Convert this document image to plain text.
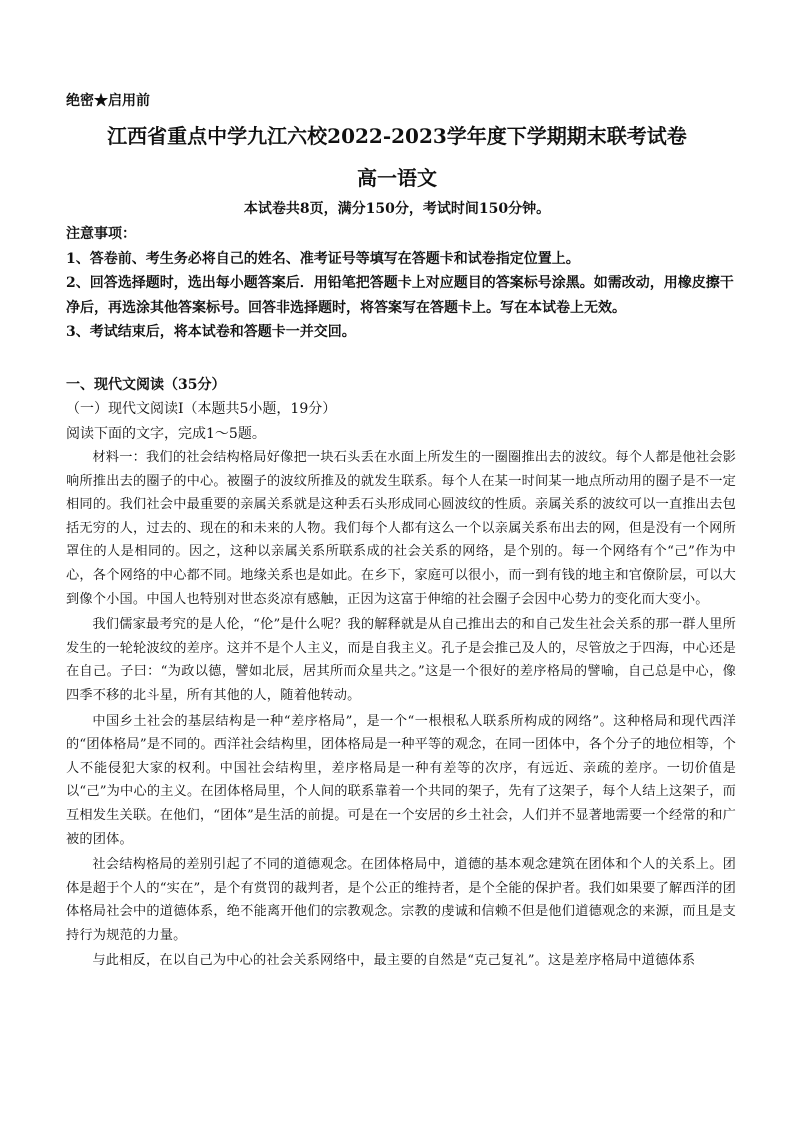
绝密★启用前
江西省重点中学九江六校2022-2023学年度下学期期末联考试卷
高一语文
本试卷共8页，满分150分，考试时间150分钟。

注意事项：

1、答卷前、考生务必将自己的姓名、准考证号等填写在答题卡和试卷指定位置上。

2、回答选择题时，选出每小题答案后．用铅笔把答题卡上对应题目的答案标号涂黑。如需改动，用橡皮擦干净后，再选涂其他答案标号。回答非选择题时，将答案写在答题卡上。写在本试卷上无效。

3、考试结束后，将本试卷和答题卡一并交回。

一、现代文阅读（35分）
（一）现代文阅读Ⅰ（本题共5小题，19分）
阅读下面的文字，完成1～5题。

材料一：我们的社会结构格局好像把一块石头丢在水面上所发生的一圈圈推出去的波纹。每个人都是他社会影响所推出去的圈子的中心。被圈子的波纹所推及的就发生联系。每个人在某一时间某一地点所动用的圈子是不一定相同的。我们社会中最重要的亲属关系就是这种丢石头形成同心圆波纹的性质。亲属关系的波纹可以一直推出去包括无穷的人，过去的、现在的和未来的人物。我们每个人都有这么一个以亲属关系布出去的网，但是没有一个网所罩住的人是相同的。因之，这种以亲属关系所联系成的社会关系的网络，是个别的。每一个网络有个“己”作为中心，各个网络的中心都不同。地缘关系也是如此。在乡下，家庭可以很小，而一到有钱的地主和官僚阶层，可以大到像个小国。中国人也特别对世态炎凉有感触，正因为这富于伸缩的社会圈子会因中心势力的变化而大变小。

我们儒家最考究的是人伦，“伦”是什么呢？我的解释就是从自己推出去的和自己发生社会关系的那一群人里所发生的一轮轮波纹的差序。这并不是个人主义，而是自我主义。孔子是会推己及人的，尽管放之于四海，中心还是在自己。子曰：“为政以德，譬如北辰，居其所而众星共之。”这是一个很好的差序格局的譬喻，自己总是中心，像四季不移的北斗星，所有其他的人，随着他转动。

中国乡土社会的基层结构是一种“差序格局”，是一个“一根根私人联系所构成的网络”。这种格局和现代西洋的“团体格局”是不同的。西洋社会结构里，团体格局是一种平等的观念，在同一团体中，各个分子的地位相等，个人不能侵犯大家的权利。中国社会结构里，差序格局是一种有差等的次序，有远近、亲疏的差序。一切价值是以“己”为中心的主义。在团体格局里，个人间的联系靠着一个共同的架子，先有了这架子，每个人结上这架子，而互相发生关联。在他们，“团体”是生活的前提。可是在一个安居的乡土社会，人们并不显著地需要一个经常的和广被的团体。

社会结构格局的差别引起了不同的道德观念。在团体格局中，道德的基本观念建筑在团体和个人的关系上。团体是超于个人的“实在”，是个有赏罚的裁判者，是个公正的维持者，是个全能的保护者。我们如果要了解西洋的团体格局社会中的道德体系，绝不能离开他们的宗教观念。宗教的虔诚和信赖不但是他们道德观念的来源，而且是支持行为规范的力量。

与此相反，在以自己为中心的社会关系网络中，最主要的自然是“克己复礼”。这是差序格局中道德体系
